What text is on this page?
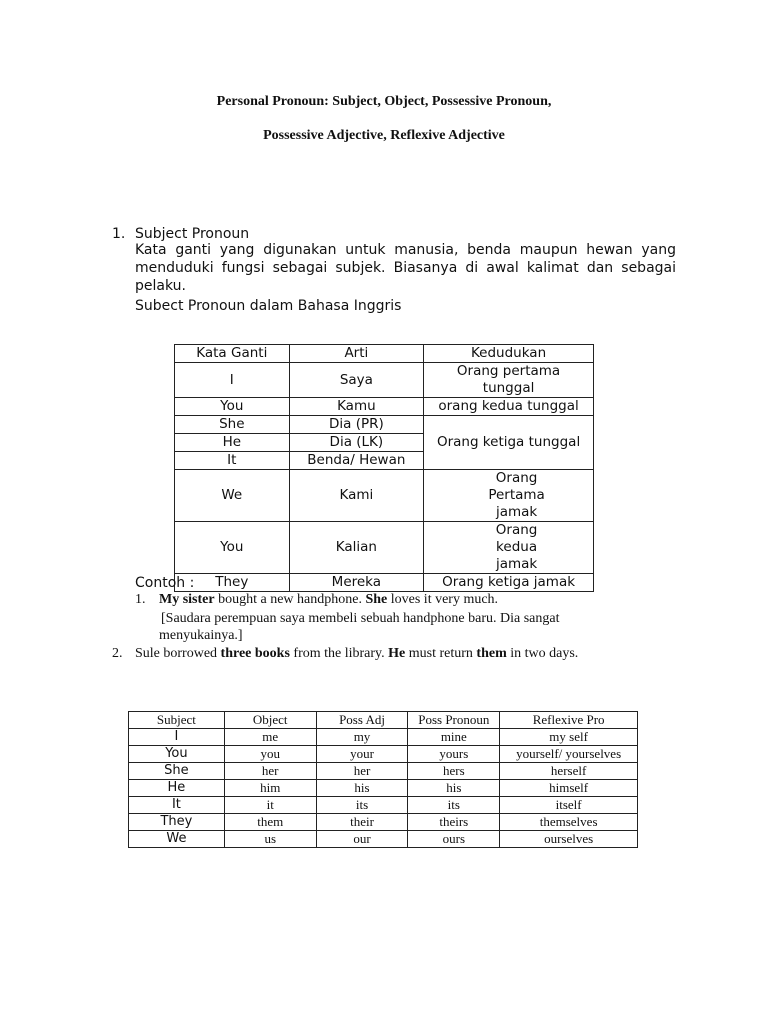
Personal Pronoun: Subject, Object, Possessive Pronoun,
Possessive Adjective, Reflexive Adjective
1. Subject Pronoun
Kata ganti yang digunakan untuk manusia, benda maupun hewan yang menduduki fungsi sebagai subjek. Biasanya di awal kalimat dan sebagai pelaku.
Subect Pronoun dalam Bahasa Inggris
Kata Ganti	Arti	Kedudukan
I	Saya	Orang pertama tunggal
You	Kamu	orang kedua tunggal
She	Dia (PR)	Orang ketiga tunggal
He	Dia (LK)	
It	Benda/ Hewan	
We	Kami	Orang Pertama jamak
You	Kalian	Orang kedua jamak
They	Mereka	Orang ketiga jamak
Contoh :
1. My sister bought a new handphone. She loves it very much.
[Saudara perempuan saya membeli sebuah handphone baru. Dia sangat
menyukainya.]
2. Sule borrowed three books from the library. He must return them in two days.
Subject	Object	Poss Adj	Poss Pronoun	Reflexive Pro
I	me	my	mine	my self
You	you	your	yours	yourself/ yourselves
She	her	her	hers	herself
He	him	his	his	himself
It	it	its	its	itself
They	them	their	theirs	themselves
We	us	our	ours	ourselves
